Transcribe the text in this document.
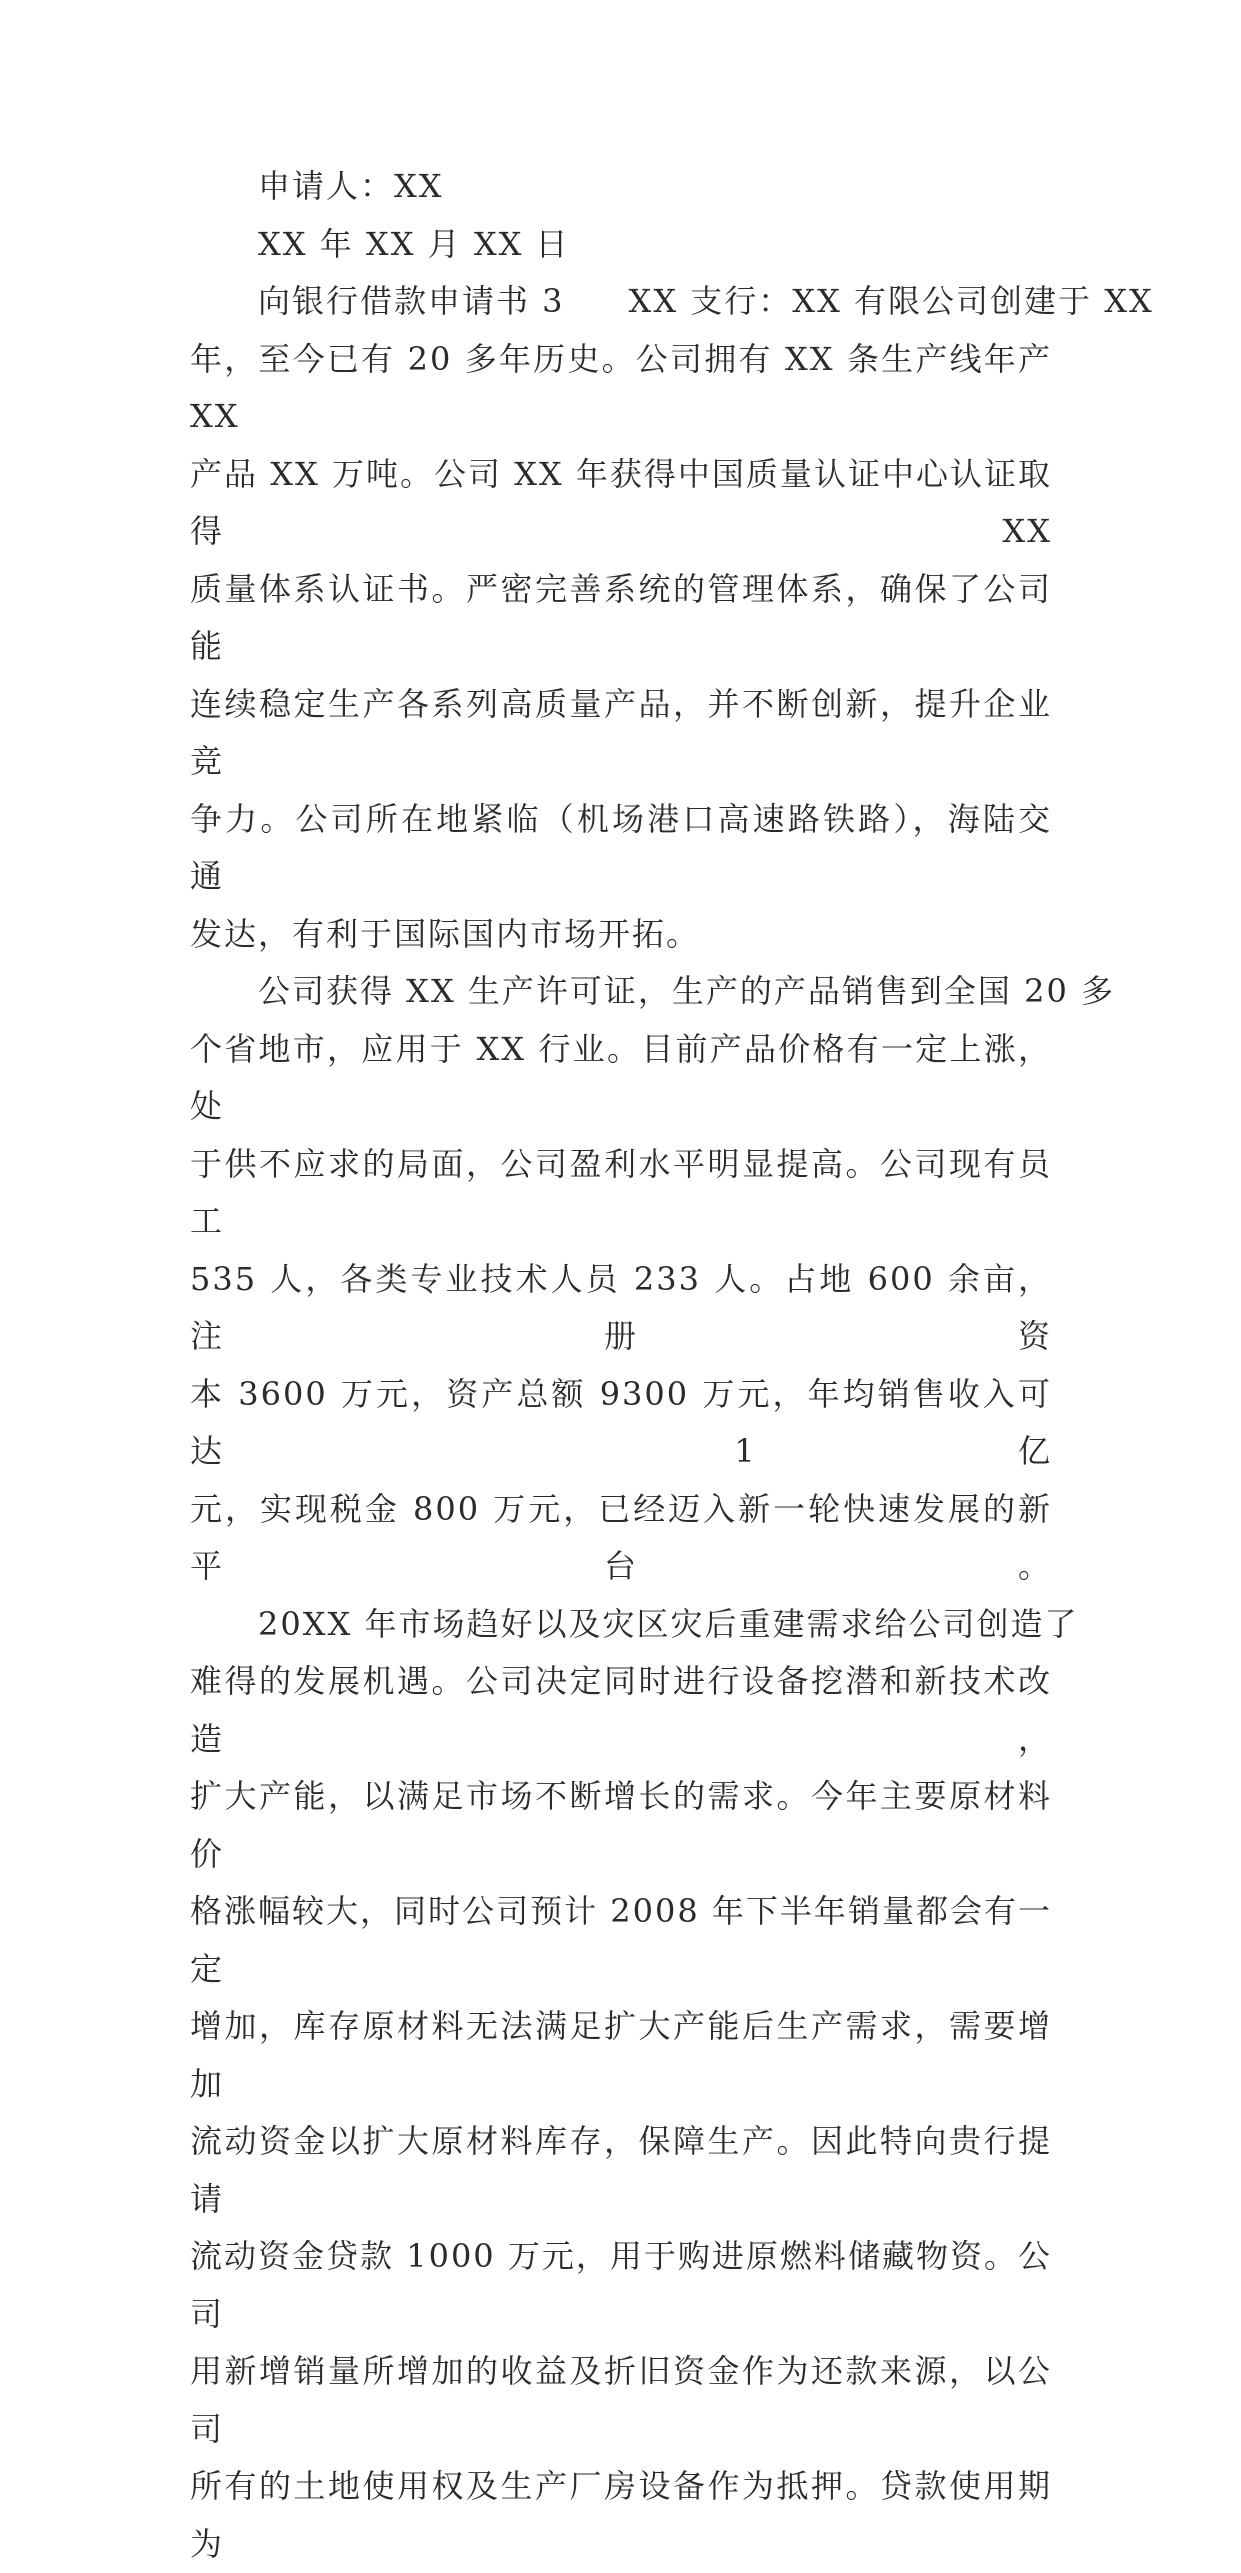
申请人：XX
XX 年 XX 月 XX 日
向银行借款申请书 3 XX 支行：XX 有限公司创建于 XX
年，至今已有 20 多年历史。公司拥有 XX 条生产线年产 XX
产品 XX 万吨。公司 XX 年获得中国质量认证中心认证取得 XX
质量体系认证书。严密完善系统的管理体系，确保了公司能
连续稳定生产各系列高质量产品，并不断创新，提升企业竞
争力。公司所在地紧临（机场港口高速路铁路），海陆交通
发达，有利于国际国内市场开拓。
公司获得 XX 生产许可证，生产的产品销售到全国 20 多
个省地市，应用于 XX 行业。目前产品价格有一定上涨，处
于供不应求的局面，公司盈利水平明显提高。公司现有员工
535 人，各类专业技术人员 233 人。占地 600 余亩，注册资
本 3600 万元，资产总额 9300 万元，年均销售收入可达 1 亿
元，实现税金 800 万元，已经迈入新一轮快速发展的新平台。
20XX 年市场趋好以及灾区灾后重建需求给公司创造了
难得的发展机遇。公司决定同时进行设备挖潜和新技术改造，
扩大产能，以满足市场不断增长的需求。今年主要原材料价
格涨幅较大，同时公司预计 2008 年下半年销量都会有一定
增加，库存原材料无法满足扩大产能后生产需求，需要增加
流动资金以扩大原材料库存，保障生产。因此特向贵行提请
流动资金贷款 1000 万元，用于购进原燃料储藏物资。公司
用新增销量所增加的收益及折旧资金作为还款来源，以公司
所有的土地使用权及生产厂房设备作为抵押。贷款使用期为
